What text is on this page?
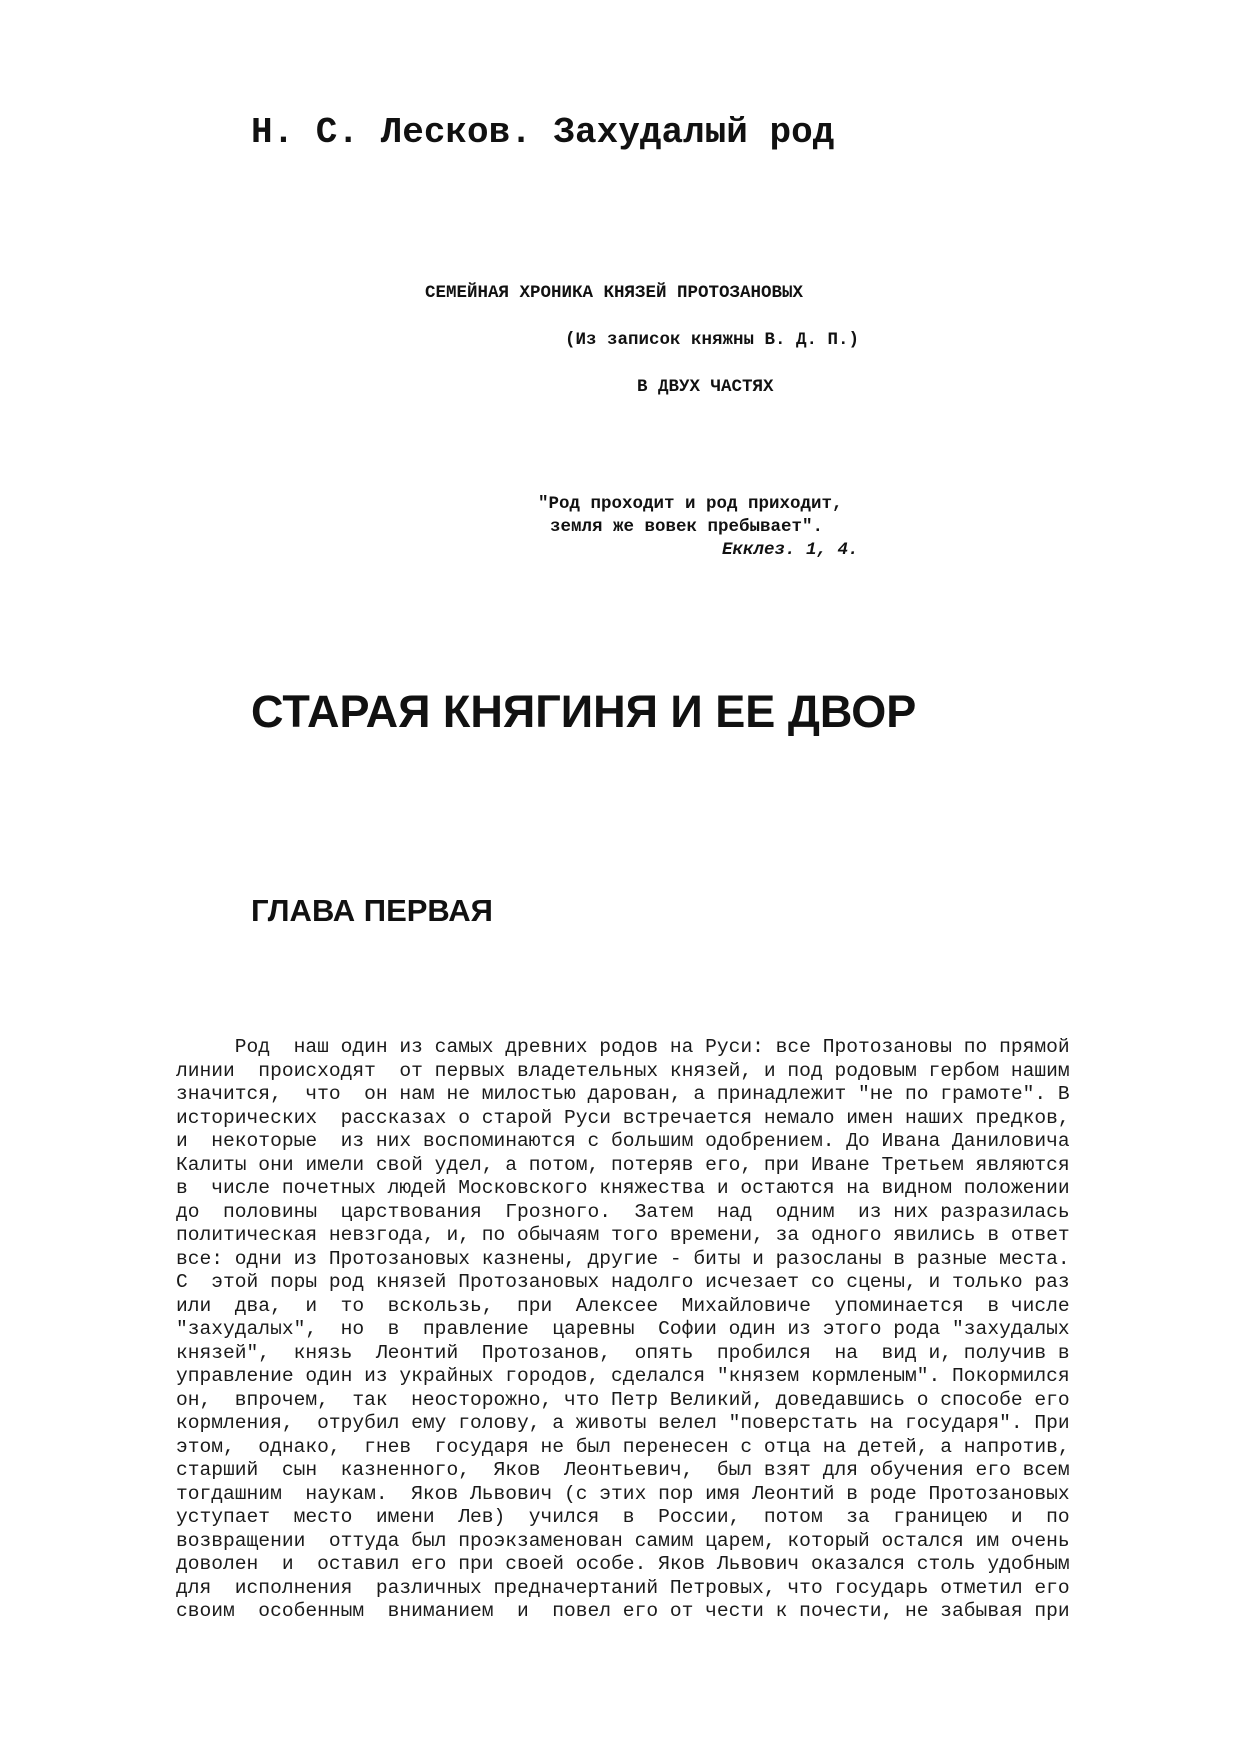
Н. С. Лесков. Захудалый род
СЕМЕЙНАЯ ХРОНИКА КНЯЗЕЙ ПРОТОЗАНОВЫХ
(Из записок княжны В. Д. П.)
В ДВУХ ЧАСТЯХ
"Род проходит и род приходит,
земля же вовек пребывает".
Екклез. 1, 4.
СТАРАЯ КНЯГИНЯ И ЕЕ ДВОР
ГЛАВА ПЕРВАЯ
Род  наш один из самых древних родов на Руси: все Протозановы по прямой
линии  происходят  от первых владетельных князей, и под родовым гербом нашим
значится,  что  он нам не милостью дарован, а принадлежит "не по грамоте". В
исторических  рассказах о старой Руси встречается немало имен наших предков,
и  некоторые  из них воспоминаются с большим одобрением. До Ивана Даниловича
Калиты они имели свой удел, а потом, потеряв его, при Иване Третьем являются
в  числе почетных людей Московского княжества и остаются на видном положении
до  половины  царствования  Грозного.  Затем  над  одним  из них разразилась
политическая невзгода, и, по обычаям того времени, за одного явились в ответ
все: одни из Протозановых казнены, другие - биты и разосланы в разные места.
С  этой поры род князей Протозановых надолго исчезает со сцены, и только раз
или  два,  и  то  вскользь,  при  Алексее  Михайловиче  упоминается  в числе
"захудалых",  но  в  правление  царевны  Софии один из этого рода "захудалых
князей",  князь  Леонтий  Протозанов,  опять  пробился  на  вид и, получив в
управление один из украйных городов, сделался "князем кормленым". Покормился
он,  впрочем,  так  неосторожно, что Петр Великий, доведавшись о способе его
кормления,  отрубил ему голову, а животы велел "поверстать на государя". При
этом,  однако,  гнев  государя не был перенесен с отца на детей, а напротив,
старший  сын  казненного,  Яков  Леонтьевич,  был взят для обучения его всем
тогдашним  наукам.  Яков Львович (с этих пор имя Леонтий в роде Протозановых
уступает  место  имени  Лев)  учился  в  России,  потом  за  границею  и  по
возвращении  оттуда был проэкзаменован самим царем, который остался им очень
доволен  и  оставил его при своей особе. Яков Львович оказался столь удобным
для  исполнения  различных предначертаний Петровых, что государь отметил его
своим  особенным  вниманием  и  повел его от чести к почести, не забывая при
